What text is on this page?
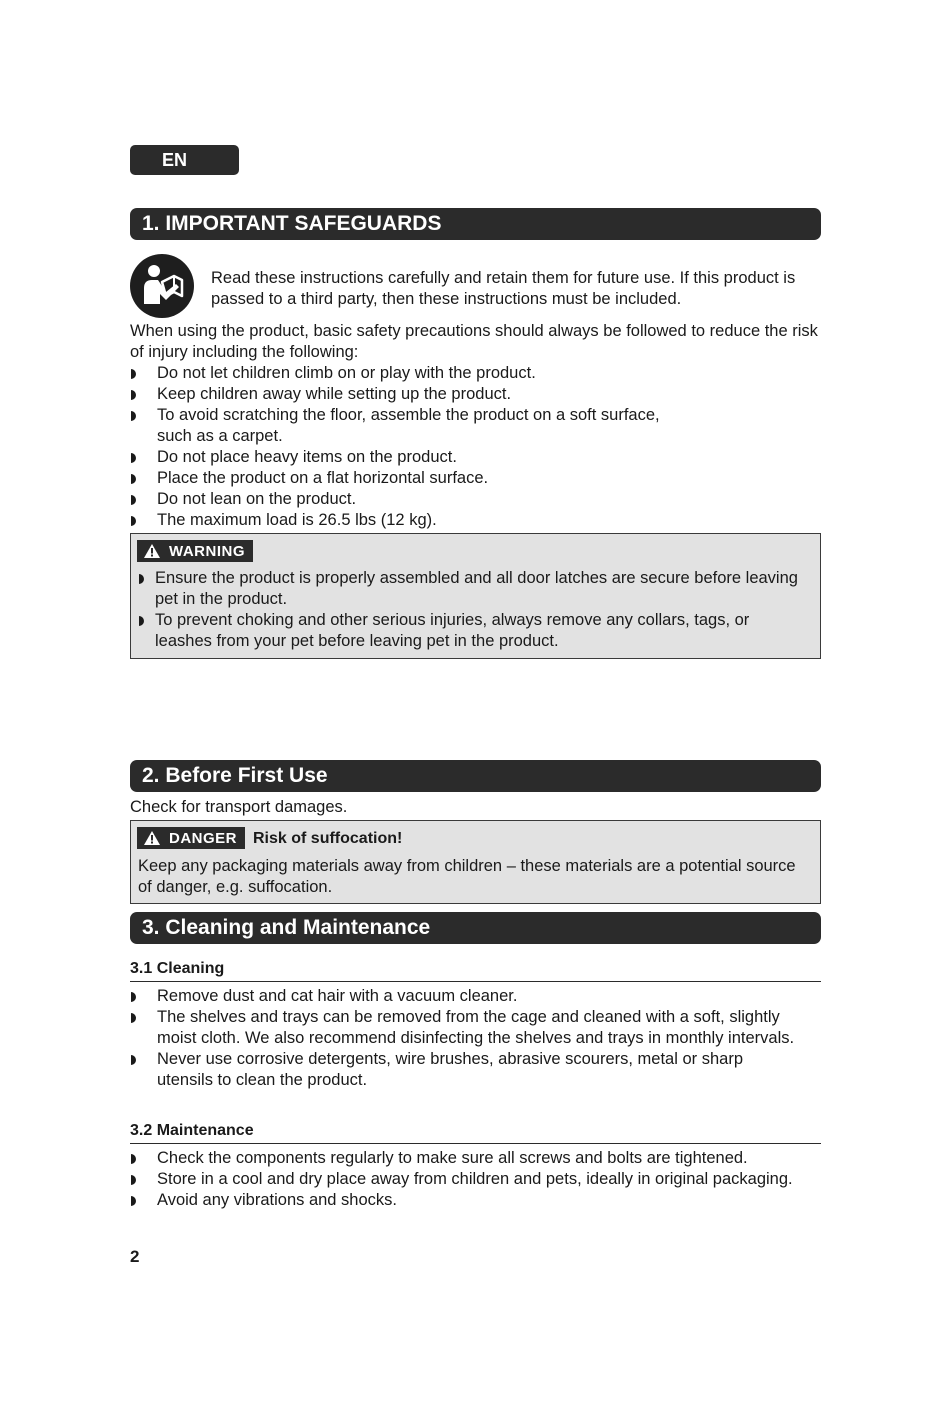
EN
1. IMPORTANT SAFEGUARDS

Read these instructions carefully and retain them for future use. If this product is passed to a third party, then these instructions must be included.

When using the product, basic safety precautions should always be followed to reduce the risk of injury including the following:

Do not let children climb on or play with the product.
Keep children away while setting up the product.
To avoid scratching the floor, assemble the product on a soft surface, such as a carpet.
Do not place heavy items on the product.
Place the product on a flat horizontal surface.
Do not lean on the product.
The maximum load is 26.5 lbs (12 kg).
WARNING
Ensure the product is properly assembled and all door latches are secure before leaving pet in the product.
To prevent choking and other serious injuries, always remove any collars, tags, or leashes from your pet before leaving pet in the product.

2. Before First Use

Check for transport damages.

DANGER Risk of suffocation!

Keep any packaging materials away from children – these materials are a potential source of danger, e.g. suffocation.

3. Cleaning and Maintenance
3.1 Cleaning
Remove dust and cat hair with a vacuum cleaner.
The shelves and trays can be removed from the cage and cleaned with a soft, slightly moist cloth. We also recommend disinfecting the shelves and trays in monthly intervals.
Never use corrosive detergents, wire brushes, abrasive scourers, metal or sharp utensils to clean the product.
3.2 Maintenance
Check the components regularly to make sure all screws and bolts are tightened.
Store in a cool and dry place away from children and pets, ideally in original packaging.
Avoid any vibrations and shocks.
2
